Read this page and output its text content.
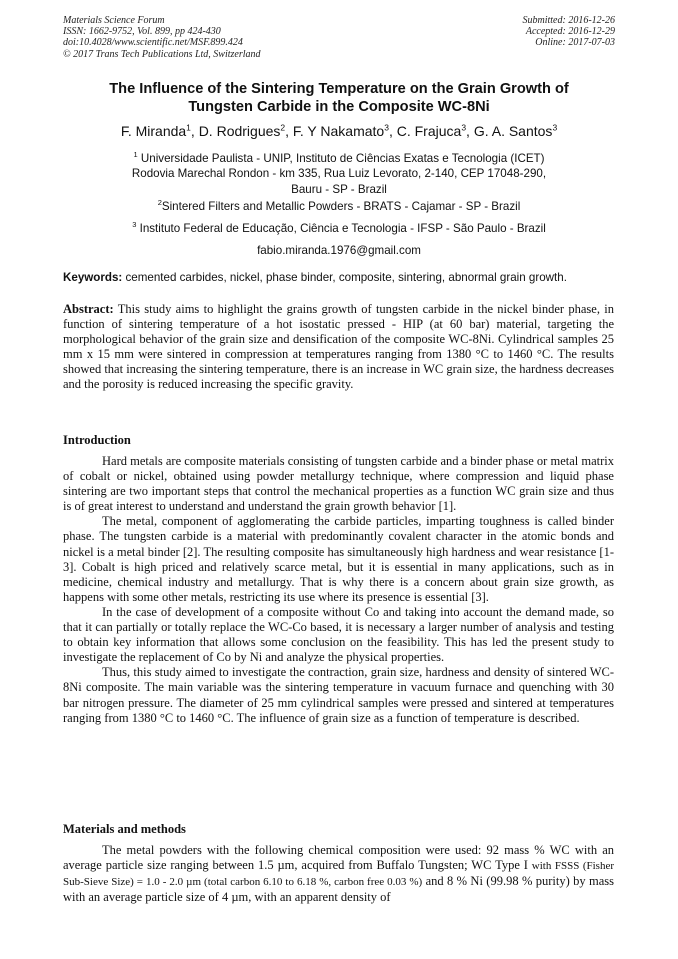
Materials Science Forum
ISSN: 1662-9752, Vol. 899, pp 424-430
doi:10.4028/www.scientific.net/MSF.899.424
© 2017 Trans Tech Publications Ltd, Switzerland
Submitted: 2016-12-26
Accepted: 2016-12-29
Online: 2017-07-03
The Influence of the Sintering Temperature on the Grain Growth of
Tungsten Carbide in the Composite WC-8Ni
F. Miranda$^1$, D. Rodrigues$^2$, F. Y Nakamato$^3$, C. Frajuca$^3$, G. A. Santos$^3$
$^1$ Universidade Paulista - UNIP, Instituto de Ciências Exatas e Tecnologia (ICET)
Rodovia Marechal Rondon - km 335, Rua Luiz Levorato, 2-140, CEP 17048-290,
Bauru - SP - Brazil
$^2$Sintered Filters and Metallic Powders - BRATS - Cajamar - SP - Brazil
$^3$ Instituto Federal de Educação, Ciência e Tecnologia - IFSP - São Paulo - Brazil
fabio.miranda.1976@gmail.com
Keywords: cemented carbides, nickel, phase binder, composite, sintering, abnormal grain growth.
Abstract: This study aims to highlight the grains growth of tungsten carbide in the nickel binder phase, in function of sintering temperature of a hot isostatic pressed - HIP (at 60 bar) material, targeting the morphological behavior of the grain size and densification of the composite WC-8Ni. Cylindrical samples 25 mm x 15 mm were sintered in compression at temperatures ranging from 1380 °C to 1460 °C. The results showed that increasing the sintering temperature, there is an increase in WC grain size, the hardness decreases and the porosity is reduced increasing the specific gravity.
Introduction

Hard metals are composite materials consisting of tungsten carbide and a binder phase or metal matrix of cobalt or nickel, obtained using powder metallurgy technique, where compression and liquid phase sintering are two important steps that control the mechanical properties as a function WC grain size and thus is of great interest to understand and understand the grain growth behavior [1].

The metal, component of agglomerating the carbide particles, imparting toughness is called binder phase. The tungsten carbide is a material with predominantly covalent character in the atomic bonds and nickel is a metal binder [2]. The resulting composite has simultaneously high hardness and wear resistance [1-3]. Cobalt is high priced and relatively scarce metal, but it is essential in many applications, such as in medicine, chemical industry and metallurgy. That is why there is a concern about grain size growth, as happens with some other metals, restricting its use where its presence is essential [3].

In the case of development of a composite without Co and taking into account the demand made, so that it can partially or totally replace the WC-Co based, it is necessary a larger number of analysis and testing to obtain key information that allows some conclusion on the feasibility. This has led the present study to investigate the replacement of Co by Ni and analyze the physical properties.

Thus, this study aimed to investigate the contraction, grain size, hardness and density of sintered WC-8Ni composite. The main variable was the sintering temperature in vacuum furnace and quenching with 30 bar nitrogen pressure. The diameter of 25 mm cylindrical samples were pressed and sintered at temperatures ranging from 1380 °C to 1460 °C. The influence of grain size as a function of temperature is described.

Materials and methods

The metal powders with the following chemical composition were used: 92 mass % WC with an average particle size ranging between 1.5 µm, acquired from Buffalo Tungsten; WC Type I with FSSS (Fisher Sub-Sieve Size) = 1.0 - 2.0 µm (total carbon 6.10 to 6.18 %, carbon free 0.03 %) and 8 % Ni (99.98 % purity) by mass with an average particle size of 4 µm, with an apparent density of
